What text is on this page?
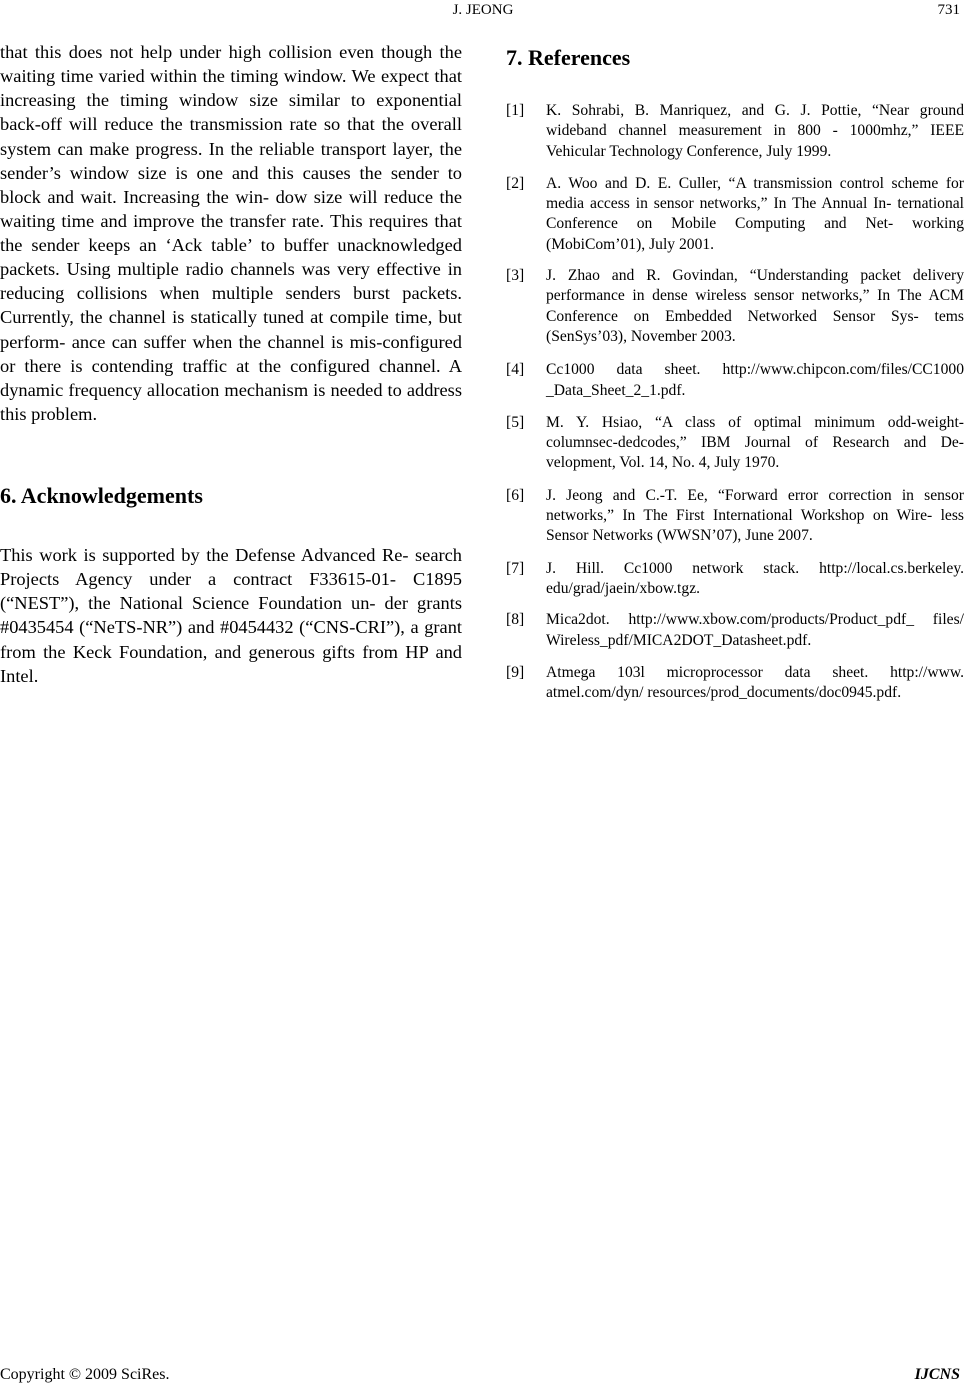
J. JEONG	731

that this does not help under high collision even though the waiting time varied within the timing window. We expect that increasing the timing window size similar to exponential back-off will reduce the transmission rate so that the overall system can make progress. In the reliable transport layer, the sender’s window size is one and this causes the sender to block and wait. Increasing the win- dow size will reduce the waiting time and improve the transfer rate. This requires that the sender keeps an ‘Ack table’ to buffer unacknowledged packets. Using multiple radio channels was very effective in reducing collisions when multiple senders burst packets. Currently, the channel is statically tuned at compile time, but perform- ance can suffer when the channel is mis-configured or there is contending traffic at the configured channel. A dynamic frequency allocation mechanism is needed to address this problem.

6. Acknowledgements

This work is supported by the Defense Advanced Re- search Projects Agency under a contract F33615-01- C1895 (“NEST”), the National Science Foundation un- der grants #0435454 (“NeTS-NR”) and #0454432 (“CNS-CRI”), a grant from the Keck Foundation, and generous gifts from HP and Intel.

7. References
[1] K. Sohrabi, B. Manriquez, and G. J. Pottie, “Near ground wideband channel measurement in 800 - 1000mhz,” IEEE Vehicular Technology Conference, July 1999.
[2] A. Woo and D. E. Culler, “A transmission control scheme for media access in sensor networks,” In The Annual In- ternational Conference on Mobile Computing and Net- working (MobiCom’01), July 2001.
[3] J. Zhao and R. Govindan, “Understanding packet delivery performance in dense wireless sensor networks,” In The ACM Conference on Embedded Networked Sensor Sys- tems (SenSys’03), November 2003.
[4] Cc1000 data sheet. http://www.chipcon.com/files/CC1000 _Data_Sheet_2_1.pdf.
[5] M. Y. Hsiao, “A class of optimal minimum odd-weight- columnsec-dedcodes,” IBM Journal of Research and De- velopment, Vol. 14, No. 4, July 1970.
[6] J. Jeong and C.-T. Ee, “Forward error correction in sensor networks,” In The First International Workshop on Wire- less Sensor Networks (WWSN’07), June 2007.
[7] J. Hill. Cc1000 network stack. http://local.cs.berkeley. edu/grad/jaein/xbow.tgz.
[8] Mica2dot. http://www.xbow.com/products/Product_pdf_ files/ Wireless_pdf/MICA2DOT_Datasheet.pdf.
[9] Atmega 103l microprocessor data sheet. http://www. atmel.com/dyn/ resources/prod_documents/doc0945.pdf.
Copyright © 2009 SciRes.	IJCNS
